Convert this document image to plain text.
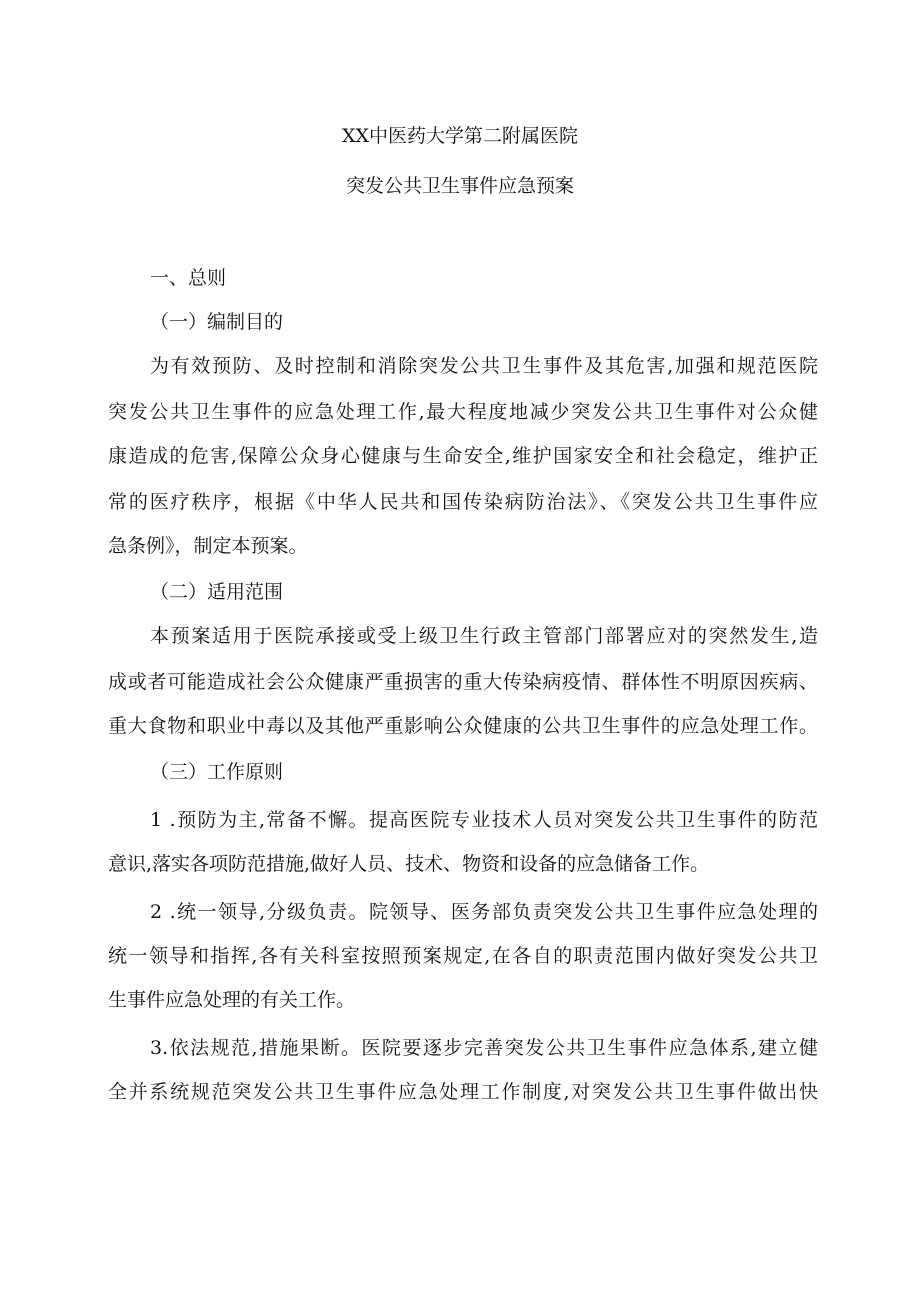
XX中医药大学第二附属医院
突发公共卫生事件应急预案
一、总则
（一）编制目的
为有效预防、及时控制和消除突发公共卫生事件及其危害,加强和规范医院
突发公共卫生事件的应急处理工作,最大程度地减少突发公共卫生事件对公众健
康造成的危害,保障公众身心健康与生命安全,维护国家安全和社会稳定，维护正
常的医疗秩序，根据《中华人民共和国传染病防治法》、《突发公共卫生事件应
急条例》，制定本预案。
（二）适用范围
本预案适用于医院承接或受上级卫生行政主管部门部署应对的突然发生,造
成或者可能造成社会公众健康严重损害的重大传染病疫情、群体性不明原因疾病、
重大食物和职业中毒以及其他严重影响公众健康的公共卫生事件的应急处理工作。
（三）工作原则
1 .预防为主,常备不懈。提高医院专业技术人员对突发公共卫生事件的防范
意识,落实各项防范措施,做好人员、技术、物资和设备的应急储备工作。
2 .统一领导,分级负责。院领导、医务部负责突发公共卫生事件应急处理的
统一领导和指挥,各有关科室按照预案规定,在各自的职责范围内做好突发公共卫
生事件应急处理的有关工作。
3.依法规范,措施果断。医院要逐步完善突发公共卫生事件应急体系,建立健
全并系统规范突发公共卫生事件应急处理工作制度,对突发公共卫生事件做出快
